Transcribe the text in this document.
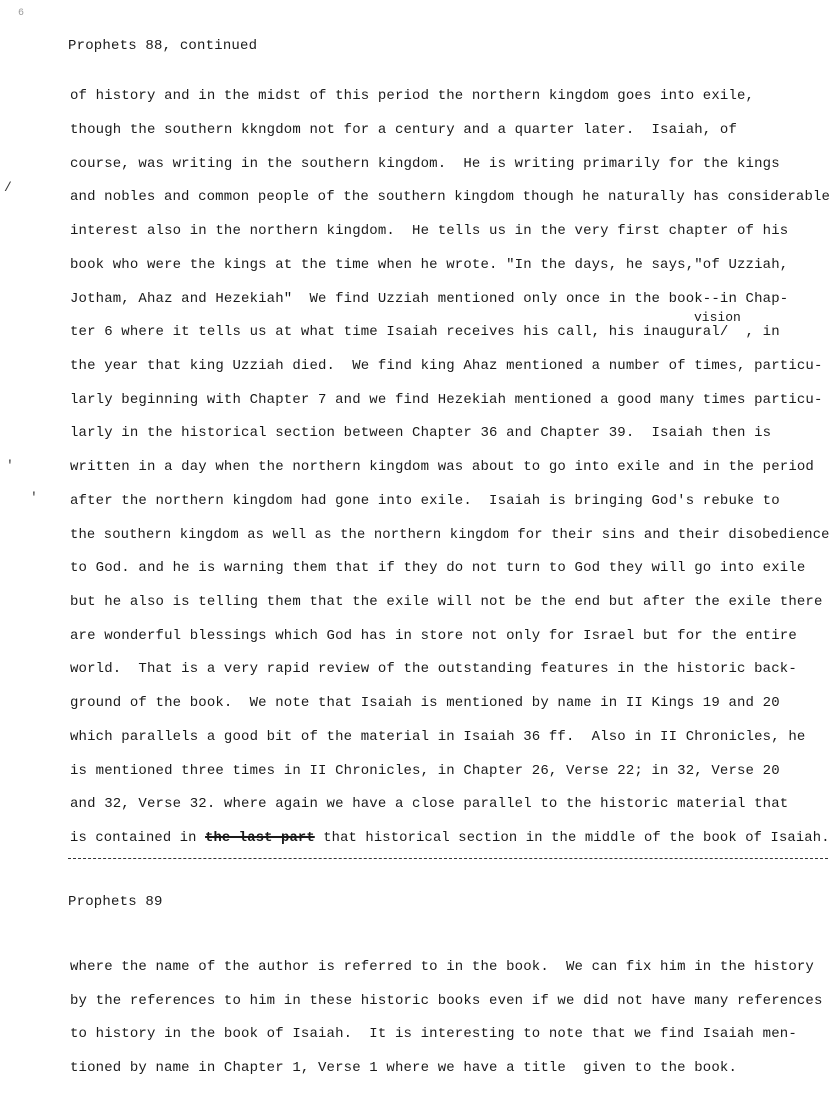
6
Prophets 88, continued
/
'
'
vision
of history and in the midst of this period the northern kingdom goes into exile,
though the southern kkngdom not for a century and a quarter later.  Isaiah, of
course, was writing in the southern kingdom.  He is writing primarily for the kings
and nobles and common people of the southern kingdom though he naturally has considerable
interest also in the northern kingdom.  He tells us in the very first chapter of his
book who were the kings at the time when he wrote. "In the days, he says,"of Uzziah,
Jotham, Ahaz and Hezekiah"  We find Uzziah mentioned only once in the book--in Chap-
ter 6 where it tells us at what time Isaiah receives his call, his inaugural/  , in
the year that king Uzziah died.  We find king Ahaz mentioned a number of times, particu-
larly beginning with Chapter 7 and we find Hezekiah mentioned a good many times particu-
larly in the historical section between Chapter 36 and Chapter 39.  Isaiah then is
written in a day when the northern kingdom was about to go into exile and in the period
after the northern kingdom had gone into exile.  Isaiah is bringing God's rebuke to
the southern kingdom as well as the northern kingdom for their sins and their disobedience
to God. and he is warning them that if they do not turn to God they will go into exile
but he also is telling them that the exile will not be the end but after the exile there
are wonderful blessings which God has in store not only for Israel but for the entire
world.  That is a very rapid review of the outstanding features in the historic back-
ground of the book.  We note that Isaiah is mentioned by name in II Kings 19 and 20
which parallels a good bit of the material in Isaiah 36 ff.  Also in II Chronicles, he
is mentioned three times in II Chronicles, in Chapter 26, Verse 22; in 32, Verse 20
and 32, Verse 32. where again we have a close parallel to the historic material that
is contained in the last part that historical section in the middle of the book of Isaiah.
Prophets 89
where the name of the author is referred to in the book.  We can fix him in the history
by the references to him in these historic books even if we did not have many references
to history in the book of Isaiah.  It is interesting to note that we find Isaiah men-
tioned by name in Chapter 1, Verse 1 where we have a title  given to the book.
